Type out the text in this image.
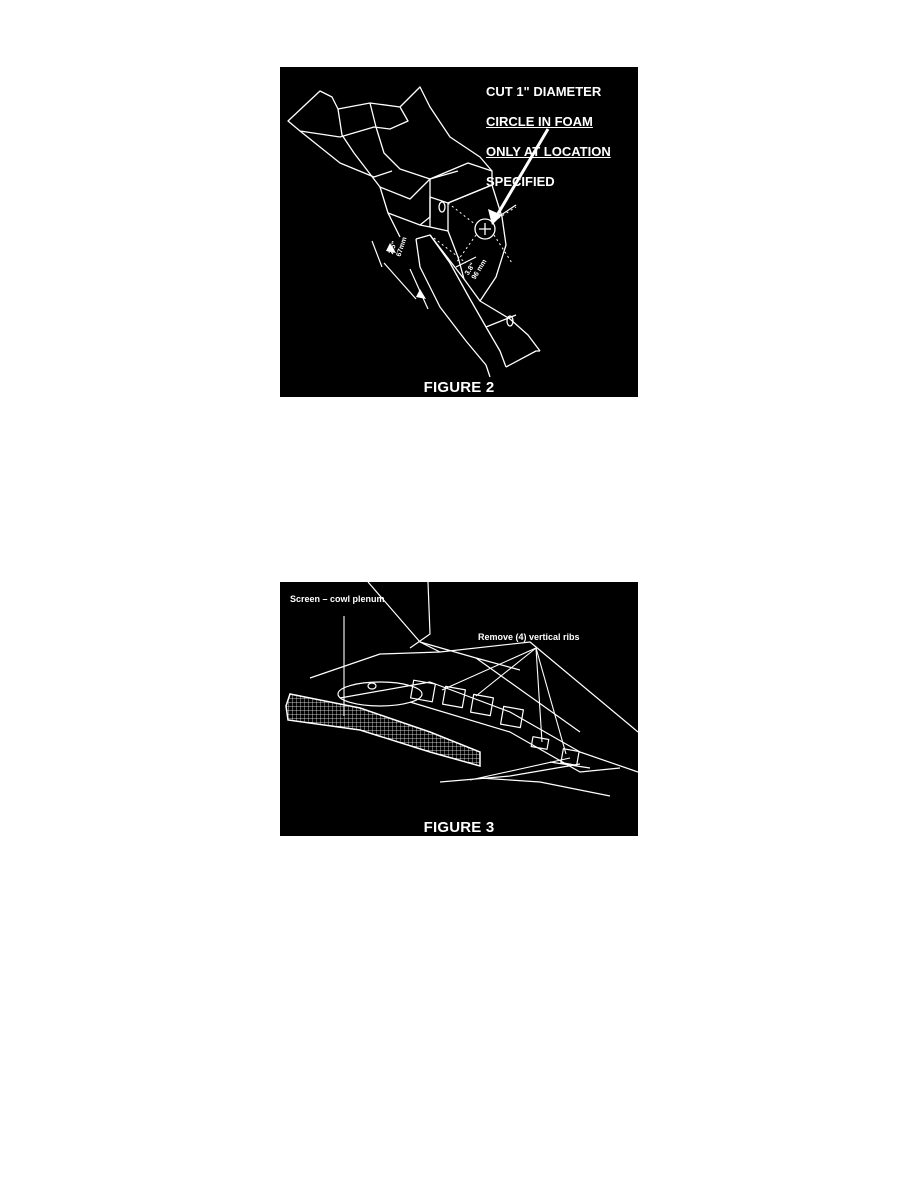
CUT 1" DIAMETER

CIRCLE IN FOAM

ONLY AT LOCATION

SPECIFIED

2.5"
67mm
3.8"
96 mm
FIGURE 2
Screen – cowl plenum
Remove (4) vertical ribs
FIGURE 3
